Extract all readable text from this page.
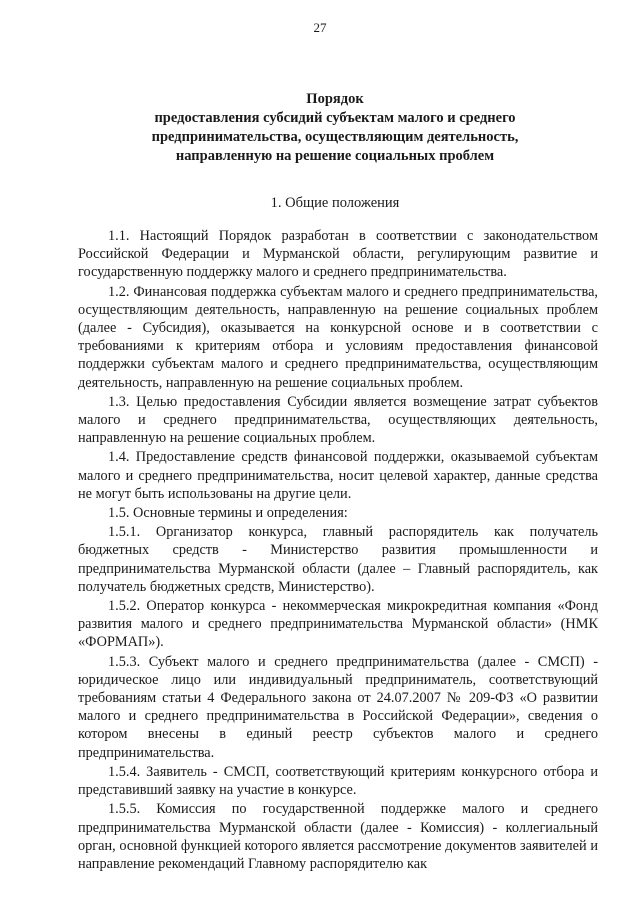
27
Порядок
предоставления субсидий субъектам малого и среднего
предпринимательства, осуществляющим деятельность,
направленную на решение социальных проблем
1. Общие положения

1.1. Настоящий Порядок разработан в соответствии с законодательством Российской Федерации и Мурманской области, регулирующим развитие и государственную поддержку малого и среднего предпринимательства.

1.2. Финансовая поддержка субъектам малого и среднего предпринимательства, осуществляющим деятельность, направленную на решение социальных проблем (далее - Субсидия), оказывается на конкурсной основе и в соответствии с требованиями к критериям отбора и условиям предоставления финансовой поддержки субъектам малого и среднего предпринимательства, осуществляющим деятельность, направленную на решение социальных проблем.

1.3. Целью предоставления Субсидии является возмещение затрат субъектов малого и среднего предпринимательства, осуществляющих деятельность, направленную на решение социальных проблем.

1.4. Предоставление средств финансовой поддержки, оказываемой субъектам малого и среднего предпринимательства, носит целевой характер, данные средства не могут быть использованы на другие цели.

1.5. Основные термины и определения:

1.5.1. Организатор конкурса, главный распорядитель как получатель бюджетных средств - Министерство развития промышленности и предпринимательства Мурманской области (далее – Главный распорядитель, как получатель бюджетных средств, Министерство).

1.5.2. Оператор конкурса - некоммерческая микрокредитная компания «Фонд развития малого и среднего предпринимательства Мурманской области» (НМК «ФОРМАП»).

1.5.3. Субъект малого и среднего предпринимательства (далее - СМСП) - юридическое лицо или индивидуальный предприниматель, соответствующий требованиям статьи 4 Федерального закона от 24.07.2007 № 209-ФЗ «О развитии малого и среднего предпринимательства в Российской Федерации», сведения о котором внесены в единый реестр субъектов малого и среднего предпринимательства.

1.5.4. Заявитель - СМСП, соответствующий критериям конкурсного отбора и представивший заявку на участие в конкурсе.

1.5.5. Комиссия по государственной поддержке малого и среднего предпринимательства Мурманской области (далее - Комиссия) - коллегиальный орган, основной функцией которого является рассмотрение документов заявителей и направление рекомендаций Главному распорядителю как
